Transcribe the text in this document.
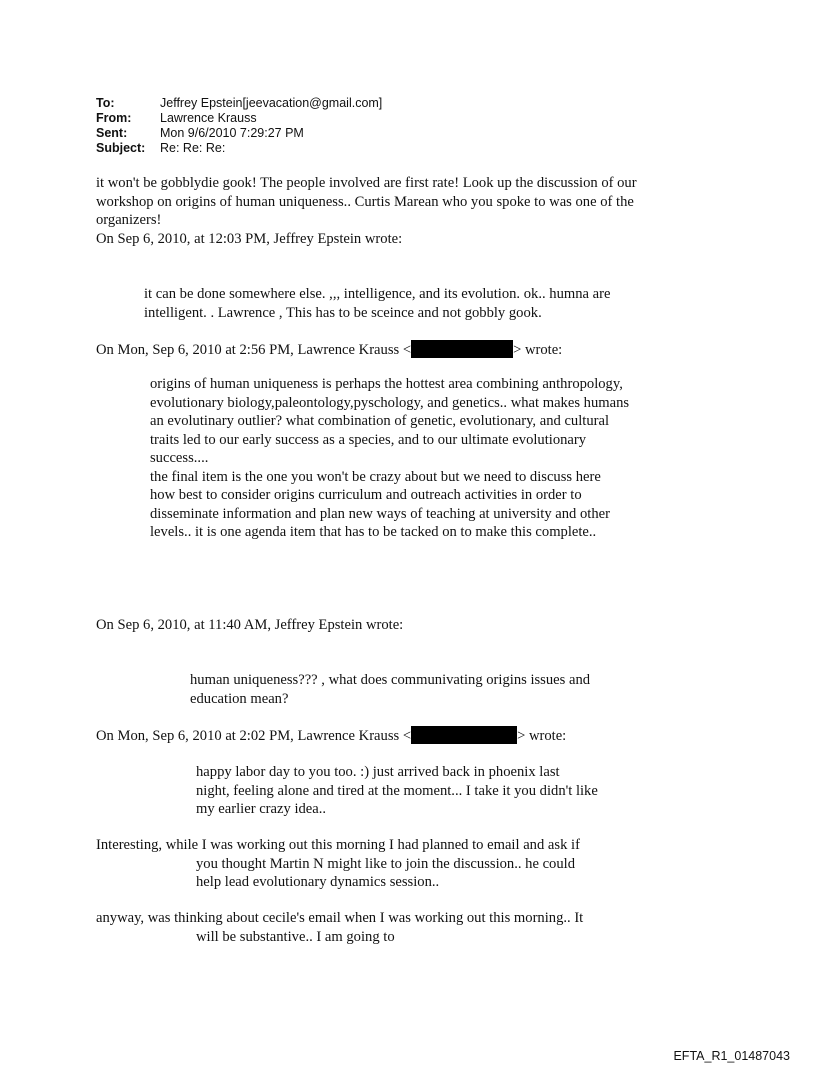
To:	Jeffrey Epstein[jeevacation@gmail.com]
From:	Lawrence Krauss
Sent:	Mon 9/6/2010 7:29:27 PM
Subject:	Re: Re: Re:
it won't be gobblydie gook! The people involved are first rate! Look up the discussion of our
workshop on origins of human uniqueness.. Curtis Marean who you spoke to was one of the
organizers!
On Sep 6, 2010, at 12:03 PM, Jeffrey Epstein wrote:
it can be done somewhere else. ,,, intelligence, and its evolution. ok.. humna are
intelligent. . Lawrence , This has to be sceince and not gobbly gook.
On Mon, Sep 6, 2010 at 2:56 PM, Lawrence Krauss <	> wrote:
origins of human uniqueness is perhaps the hottest area combining anthropology,
evolutionary biology,paleontology,pyschology, and genetics.. what makes humans
an evolutinary outlier? what combination of genetic, evolutionary, and cultural
traits led to our early success as a species, and to our ultimate evolutionary
success....
the final item is the one you won't be crazy about but we need to discuss here
how best to consider origins curriculum and outreach activities in order to
disseminate information and plan new ways of teaching at university and other
levels.. it is one agenda item that has to be tacked on to make this complete..
On Sep 6, 2010, at 11:40 AM, Jeffrey Epstein wrote:
human uniqueness??? , what does communivating origins issues and
education mean?
On Mon, Sep 6, 2010 at 2:02 PM, Lawrence Krauss <	> wrote:
happy labor day to you too. :) just arrived back in phoenix last
night, feeling alone and tired at the moment... I take it you didn't like
my earlier crazy idea..
Interesting, while I was working out this morning I had planned to email and ask if
you thought Martin N might like to join the discussion.. he could
help lead evolutionary dynamics session..
anyway, was thinking about cecile's email when I was working out this morning.. It
will be substantive.. I am going to
EFTA_R1_01487043
